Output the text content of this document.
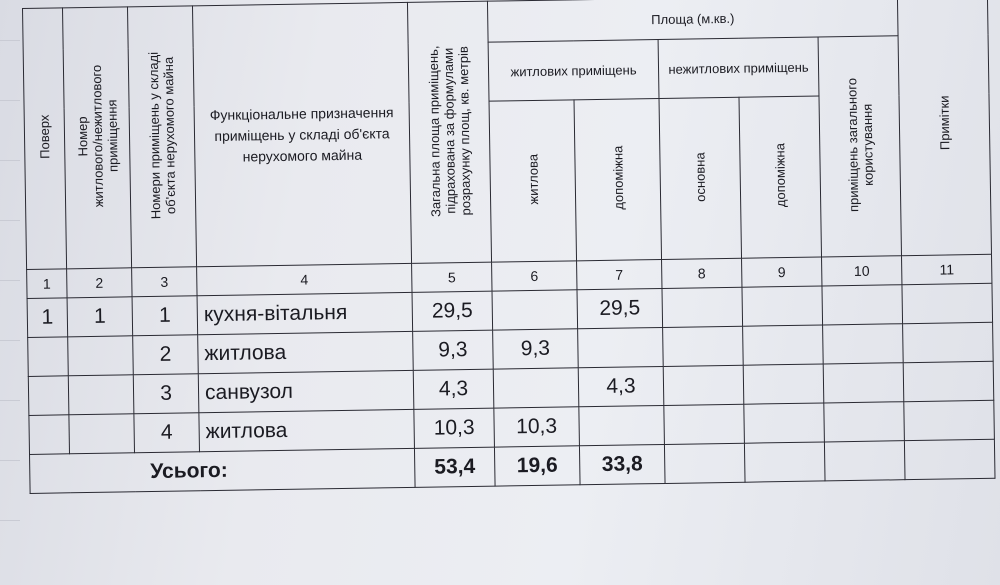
Поверх	Номер
житлового/нежитлового
приміщення	Номери приміщень у складі
об'єкта нерухомого майна	Функціональне призначення приміщень у складі об'єкта нерухомого майна	Загальна площа приміщень,
підрахована за формулами
розрахунку площ, кв. метрів	Площа (м.кв.)					Примітки
					житлових приміщень		нежитлових приміщень		приміщень загального
користування	
					житлова	допоміжна	основна	допоміжна		
1	2	3	4	5	6	7	8	9	10	11
1	1	1	кухня-вітальня	29,5		29,5				
		2	житлова	9,3	9,3					
		3	санвузол	4,3		4,3				
		4	житлова	10,3	10,3					
Усього:				53,4	19,6	33,8				
